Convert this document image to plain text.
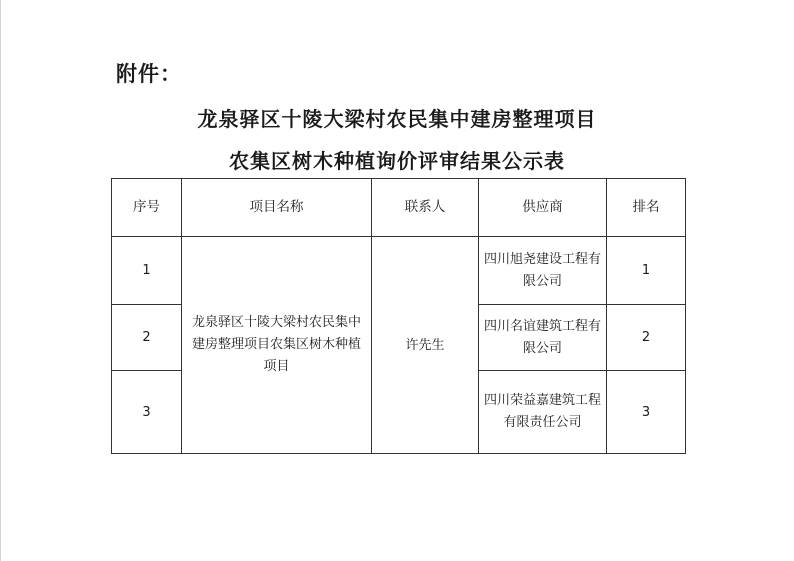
附件：
龙泉驿区十陵大梁村农民集中建房整理项目
农集区树木种植询价评审结果公示表
序号	项目名称	联系人	供应商	排名
1	龙泉驿区十陵大梁村农民集中建房整理项目农集区树木种植项目	许先生	四川旭尧建设工程有限公司	1
2			四川名谊建筑工程有限公司	2
3			四川荣益嘉建筑工程有限责任公司	3
